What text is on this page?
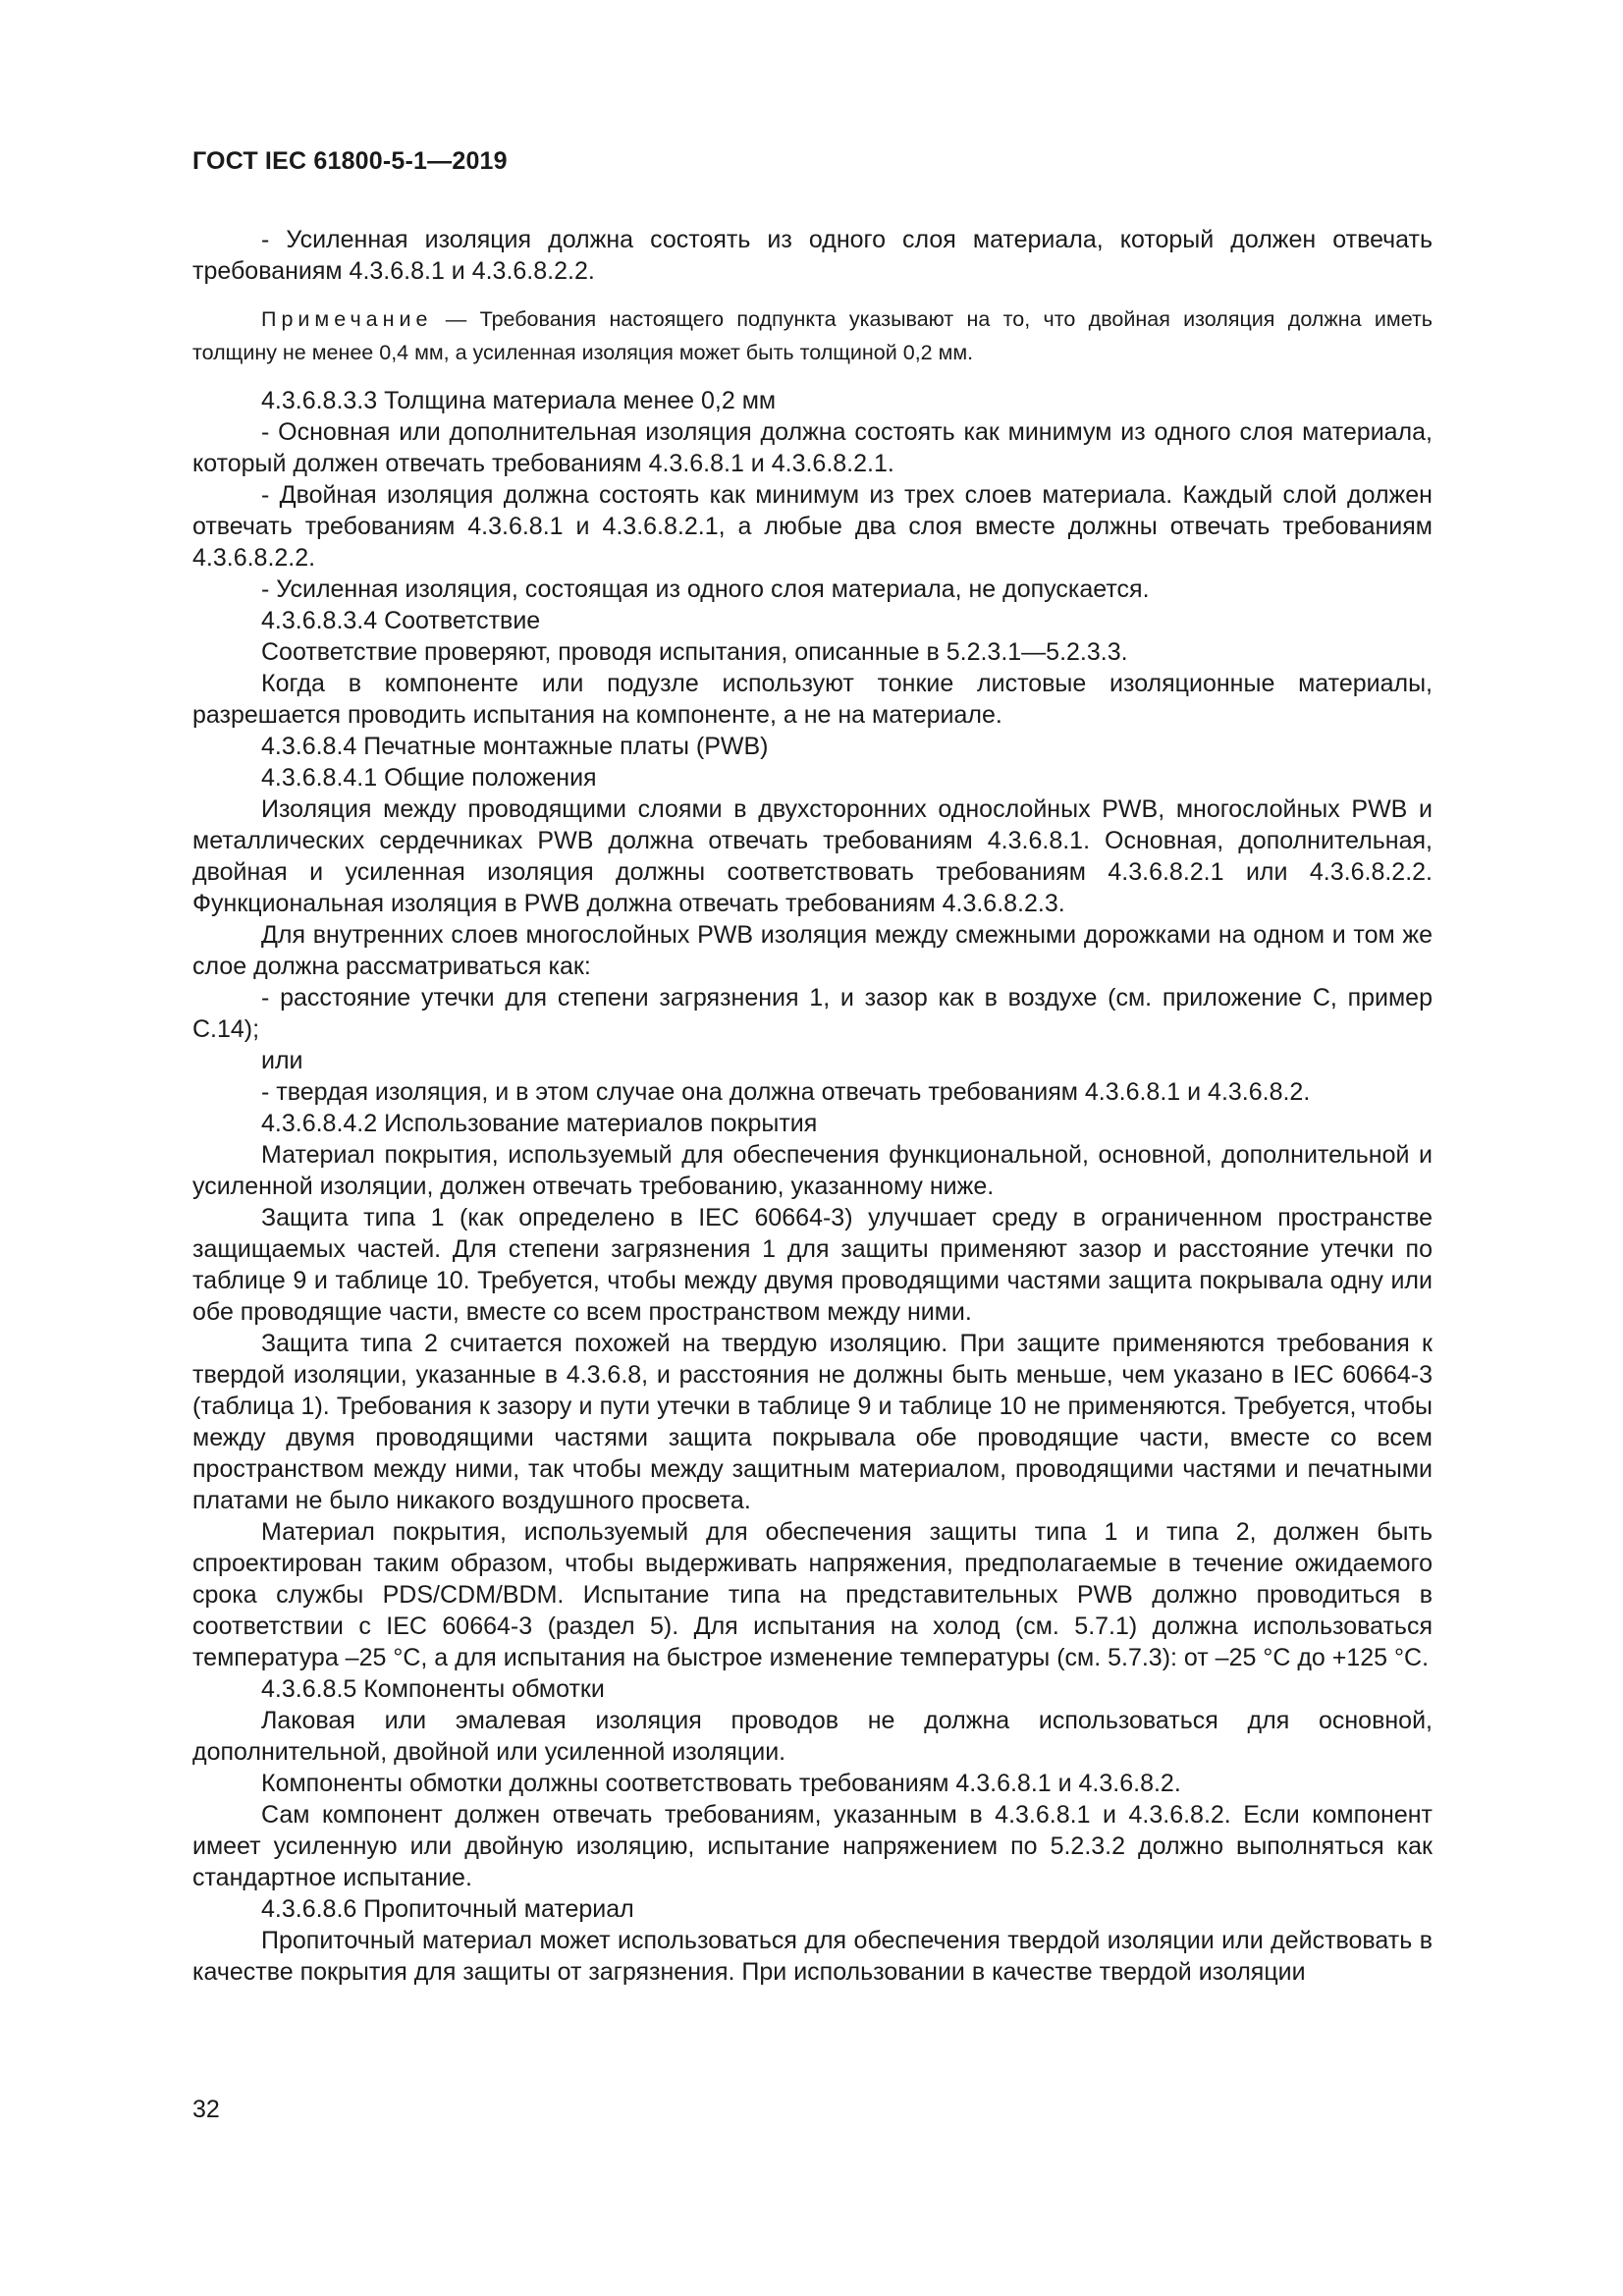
ГОСТ IEC 61800-5-1—2019

- Усиленная изоляция должна состоять из одного слоя материала, который должен отвечать требованиям 4.3.6.8.1 и 4.3.6.8.2.2.

Примечание — Требования настоящего подпункта указывают на то, что двойная изоляция должна иметь толщину не менее 0,4 мм, а усиленная изоляция может быть толщиной 0,2 мм.

4.3.6.8.3.3 Толщина материала менее 0,2 мм

- Основная или дополнительная изоляция должна состоять как минимум из одного слоя материала, который должен отвечать требованиям 4.3.6.8.1 и 4.3.6.8.2.1.

- Двойная изоляция должна состоять как минимум из трех слоев материала. Каждый слой должен отвечать требованиям 4.3.6.8.1 и 4.3.6.8.2.1, а любые два слоя вместе должны отвечать требованиям 4.3.6.8.2.2.

- Усиленная изоляция, состоящая из одного слоя материала, не допускается.

4.3.6.8.3.4 Соответствие

Соответствие проверяют, проводя испытания, описанные в 5.2.3.1—5.2.3.3.

Когда в компоненте или подузле используют тонкие листовые изоляционные материалы, разрешается проводить испытания на компоненте, а не на материале.

4.3.6.8.4 Печатные монтажные платы (PWB)

4.3.6.8.4.1 Общие положения

Изоляция между проводящими слоями в двухсторонних однослойных PWB, многослойных PWB и металлических сердечниках PWB должна отвечать требованиям 4.3.6.8.1. Основная, дополнительная, двойная и усиленная изоляция должны соответствовать требованиям 4.3.6.8.2.1 или 4.3.6.8.2.2. Функциональная изоляция в PWB должна отвечать требованиям 4.3.6.8.2.3.

Для внутренних слоев многослойных PWB изоляция между смежными дорожками на одном и том же слое должна рассматриваться как:

- расстояние утечки для степени загрязнения 1, и зазор как в воздухе (см. приложение С, пример С.14);

или

- твердая изоляция, и в этом случае она должна отвечать требованиям 4.3.6.8.1 и 4.3.6.8.2.

4.3.6.8.4.2 Использование материалов покрытия

Материал покрытия, используемый для обеспечения функциональной, основной, дополнительной и усиленной изоляции, должен отвечать требованию, указанному ниже.

Защита типа 1 (как определено в IEC 60664-3) улучшает среду в ограниченном пространстве защищаемых частей. Для степени загрязнения 1 для защиты применяют зазор и расстояние утечки по таблице 9 и таблице 10. Требуется, чтобы между двумя проводящими частями защита покрывала одну или обе проводящие части, вместе со всем пространством между ними.

Защита типа 2 считается похожей на твердую изоляцию. При защите применяются требования к твердой изоляции, указанные в 4.3.6.8, и расстояния не должны быть меньше, чем указано в IEC 60664-3 (таблица 1). Требования к зазору и пути утечки в таблице 9 и таблице 10 не применяются. Требуется, чтобы между двумя проводящими частями защита покрывала обе проводящие части, вместе со всем пространством между ними, так чтобы между защитным материалом, проводящими частями и печатными платами не было никакого воздушного просвета.

Материал покрытия, используемый для обеспечения защиты типа 1 и типа 2, должен быть спроектирован таким образом, чтобы выдерживать напряжения, предполагаемые в течение ожидаемого срока службы PDS/CDM/BDM. Испытание типа на представительных PWB должно проводиться в соответствии с IEC 60664-3 (раздел 5). Для испытания на холод (см. 5.7.1) должна использоваться температура –25 °С, а для испытания на быстрое изменение температуры (см. 5.7.3): от –25 °С до +125 °С.

4.3.6.8.5 Компоненты обмотки

Лаковая или эмалевая изоляция проводов не должна использоваться для основной, дополнительной, двойной или усиленной изоляции.

Компоненты обмотки должны соответствовать требованиям 4.3.6.8.1 и 4.3.6.8.2.

Сам компонент должен отвечать требованиям, указанным в 4.3.6.8.1 и 4.3.6.8.2. Если компонент имеет усиленную или двойную изоляцию, испытание напряжением по 5.2.3.2 должно выполняться как стандартное испытание.

4.3.6.8.6 Пропиточный материал

Пропиточный материал может использоваться для обеспечения твердой изоляции или действовать в качестве покрытия для защиты от загрязнения. При использовании в качестве твердой изоляции

32
